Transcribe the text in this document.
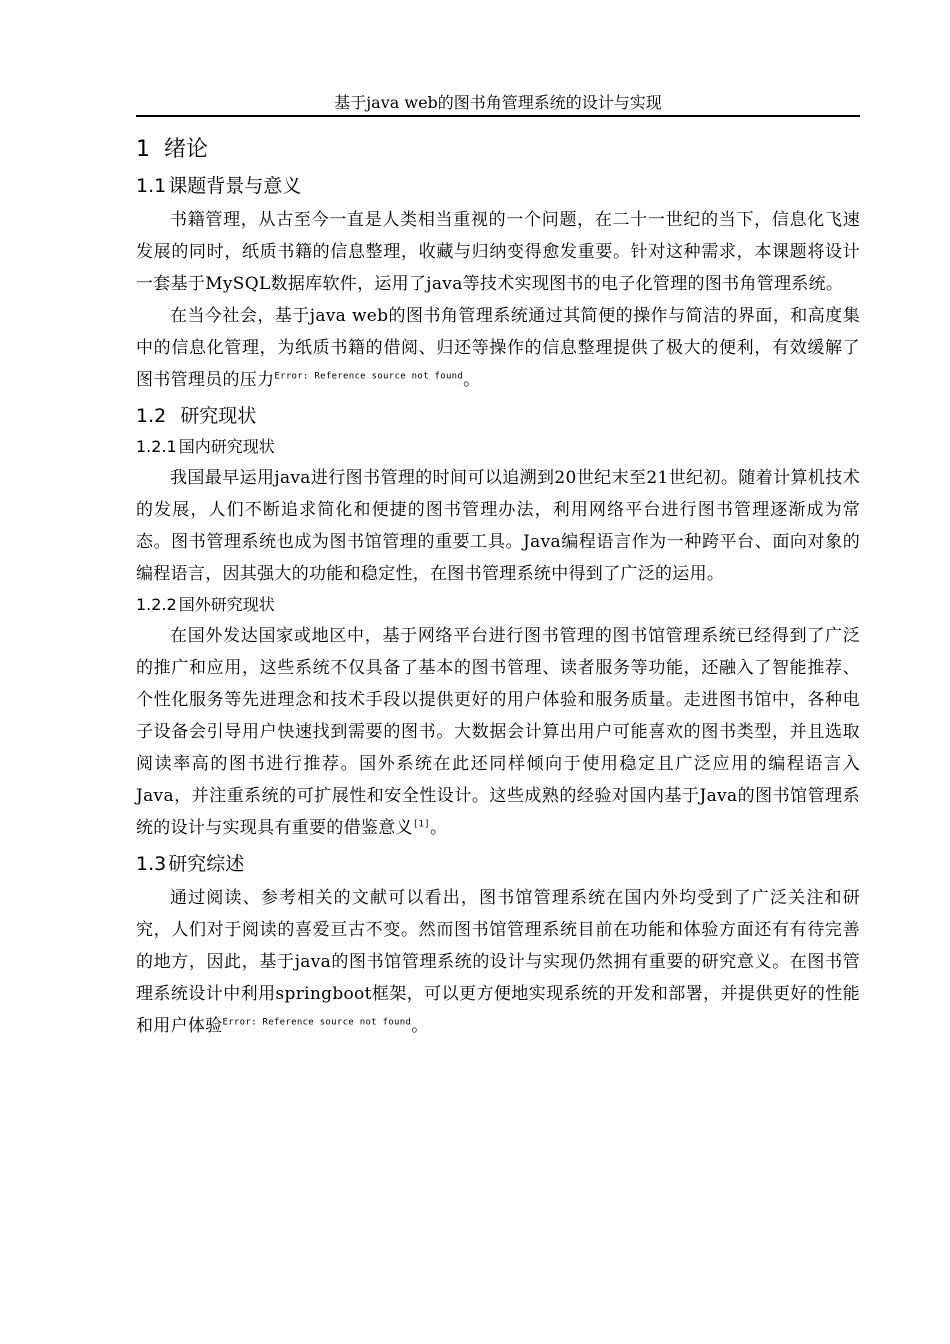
基于java web的图书角管理系统的设计与实现
1 绪论
1.1 课题背景与意义

书籍管理，从古至今一直是人类相当重视的一个问题，在二十一世纪的当下，信息化飞速发展的同时，纸质书籍的信息整理，收藏与归纳变得愈发重要。针对这种需求，本课题将设计一套基于MySQL数据库软件，运用了java等技术实现图书的电子化管理的图书角管理系统。

在当今社会，基于java web的图书角管理系统通过其简便的操作与简洁的界面，和高度集中的信息化管理，为纸质书籍的借阅、归还等操作的信息整理提供了极大的便利，有效缓解了图书管理员的压力$^{Error: Reference source not found}$。

1.2 研究现状
1.2.1 国内研究现状

我国最早运用java进行图书管理的时间可以追溯到20世纪末至21世纪初。随着计算机技术的发展，人们不断追求简化和便捷的图书管理办法，利用网络平台进行图书管理逐渐成为常态。图书管理系统也成为图书馆管理的重要工具。Java编程语言作为一种跨平台、面向对象的编程语言，因其强大的功能和稳定性，在图书管理系统中得到了广泛的运用。

1.2.2 国外研究现状

在国外发达国家或地区中，基于网络平台进行图书管理的图书馆管理系统已经得到了广泛的推广和应用，这些系统不仅具备了基本的图书管理、读者服务等功能，还融入了智能推荐、个性化服务等先进理念和技术手段以提供更好的用户体验和服务质量。走进图书馆中，各种电子设备会引导用户快速找到需要的图书。大数据会计算出用户可能喜欢的图书类型，并且选取阅读率高的图书进行推荐。国外系统在此还同样倾向于使用稳定且广泛应用的编程语言入Java，并注重系统的可扩展性和安全性设计。这些成熟的经验对国内基于Java的图书馆管理系统的设计与实现具有重要的借鉴意义[1]。

1.3 研究综述

通过阅读、参考相关的文献可以看出，图书馆管理系统在国内外均受到了广泛关注和研究，人们对于阅读的喜爱亘古不变。然而图书馆管理系统目前在功能和体验方面还有有待完善的地方，因此，基于java的图书馆管理系统的设计与实现仍然拥有重要的研究意义。在图书管理系统设计中利用springboot框架，可以更方便地实现系统的开发和部署，并提供更好的性能和用户体验$^{Error: Reference source not found}$。
